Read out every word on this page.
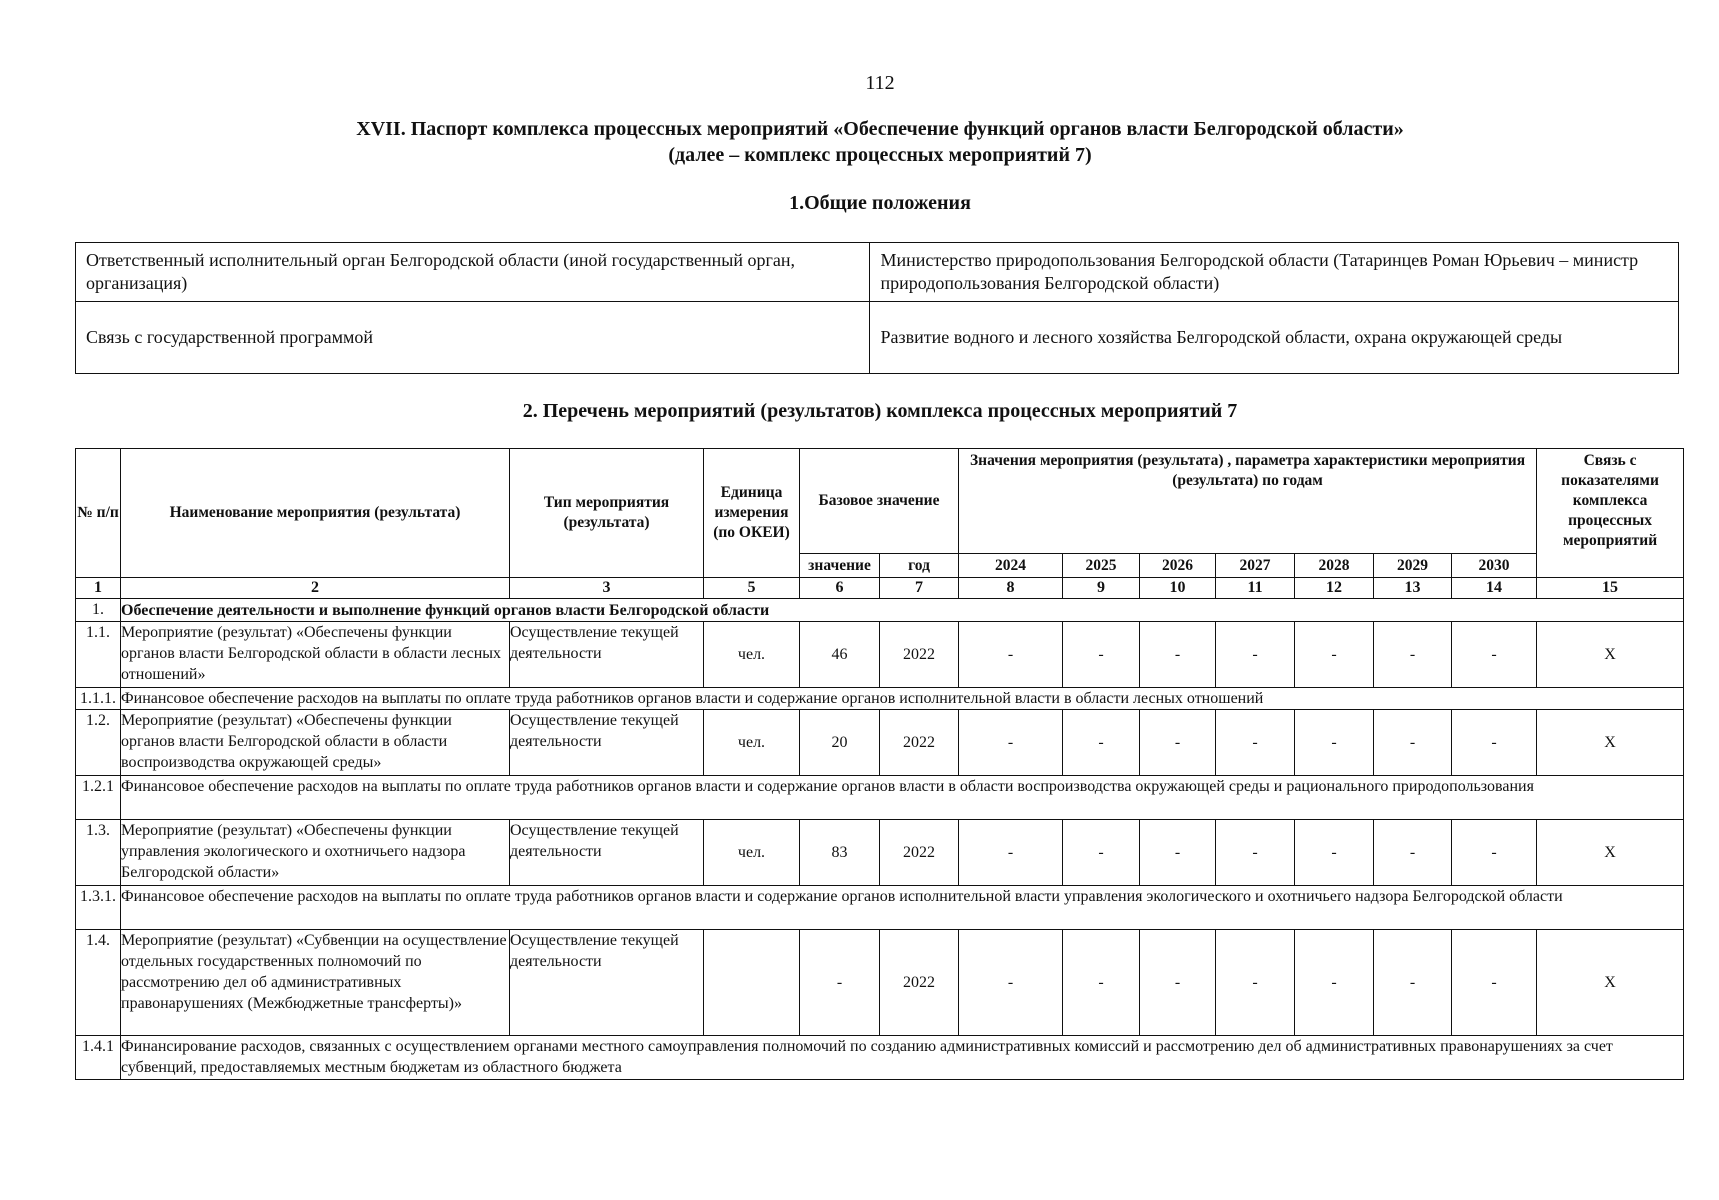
112
XVII. Паспорт комплекса процессных мероприятий «Обеспечение функций органов власти Белгородской области»
(далее – комплекс процессных мероприятий 7)
1.Общие положения
Ответственный исполнительный орган Белгородской области (иной государственный орган, организация)	Министерство природопользования Белгородской области (Татаринцев Роман Юрьевич – министр природопользования Белгородской области)
Связь с государственной программой	Развитие водного и лесного хозяйства Белгородской области, охрана окружающей среды
2. Перечень мероприятий (результатов) комплекса процессных мероприятий 7
№ п/п	Наименование мероприятия (результата)	Тип мероприятия (результата)	Единица измерения (по ОКЕИ)	Базовое значение		Значения мероприятия (результата) , параметра характеристики мероприятия (результата) по годам							Связь с показателями комплекса процессных мероприятий
				значение	год	2024	2025	2026	2027	2028	2029	2030	
1	2	3	5	6	7	8	9	10	11	12	13	14	15
1.	Обеспечение деятельности и выполнение функций органов власти Белгородской области												
1.1.	Мероприятие (результат) «Обеспечены функции органов власти Белгородской области в области лесных отношений»	Осуществление текущей деятельности	чел.	46	2022	-	-	-	-	-	-	-	X
1.1.1.	Финансовое обеспечение расходов на выплаты по оплате труда работников органов власти и содержание органов исполнительной власти в области лесных отношений												
1.2.	Мероприятие (результат) «Обеспечены функции органов власти Белгородской области в области воспроизводства окружающей среды»	Осуществление текущей деятельности	чел.	20	2022	-	-	-	-	-	-	-	X
1.2.1	Финансовое обеспечение расходов на выплаты по оплате труда работников органов власти и содержание органов власти в области воспроизводства окружающей среды и рационального природопользования												
1.3.	Мероприятие (результат) «Обеспечены функции управления экологического и охотничьего надзора Белгородской области»	Осуществление текущей деятельности	чел.	83	2022	-	-	-	-	-	-	-	X
1.3.1.	Финансовое обеспечение расходов на выплаты по оплате труда работников органов власти и содержание органов исполнительной власти управления экологического и охотничьего надзора Белгородской области												
1.4.	Мероприятие (результат) «Субвенции на осуществление отдельных государственных полномочий по рассмотрению дел об административных правонарушениях (Межбюджетные трансферты)»	Осуществление текущей деятельности		-	2022	-	-	-	-	-	-	-	X
1.4.1	Финансирование расходов, связанных с осуществлением органами местного самоуправления полномочий по созданию административных комиссий и рассмотрению дел об административных правонарушениях за счет субвенций, предоставляемых местным бюджетам из областного бюджета												
